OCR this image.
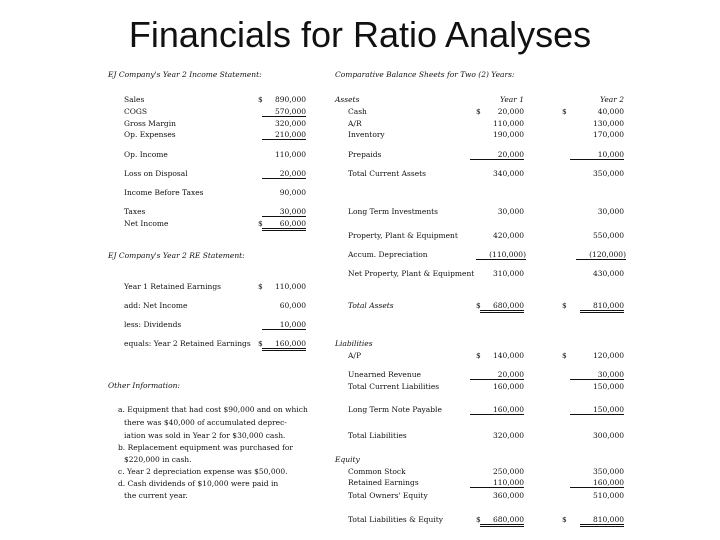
Financials for Ratio Analyses
EJ Company's Year 2 Income Statement:
Sales	$	890,000
COGS	570,000
Gross Margin	320,000
Op. Expenses	210,000
Op. Income	110,000
Loss on Disposal	20,000
Income Before Taxes	90,000
Taxes	30,000
Net Income	$	60,000
EJ Company's Year 2 RE Statement:
Year 1 Retained Earnings	$	110,000
add: Net Income	60,000
less: Dividends	10,000
equals: Year 2 Retained Earnings $	160,000
Other Information:
a. Equipment that had cost $90,000 and on which
there was $40,000 of accumulated deprec-
iation was sold in Year 2 for $30,000 cash.
b. Replacement equipment was purchased for
$220,000 in cash.
c. Year 2 depreciation expense was $50,000.
d. Cash dividends of $10,000 were paid in
the current year.
Comparative Balance Sheets for Two (2) Years:
Assets	Year 1	Year 2
Cash	$	20,000	$	40,000
A/R	110,000	130,000
Inventory	190,000	170,000
Prepaids	20,000	10,000
Total Current Assets	340,000	350,000
Long Term Investments	30,000	30,000
Property, Plant & Equipment	420,000	550,000
Accum. Depreciation	(110,000)	(120,000)
Net Property, Plant & Equipment	310,000	430,000
Total Assets	$	680,000	$	810,000
Liabilities
A/P	$	140,000	$	120,000
Unearned Revenue	20,000	30,000
Total Current Liabilities	160,000	150,000
Long Term Note Payable	160,000	150,000
Total Liabilities	320,000	300,000
Equity
Common Stock	250,000	350,000
Retained Earnings	110,000	160,000
Total Owners' Equity	360,000	510,000
Total Liabilities & Equity	$	680,000	$	810,000
